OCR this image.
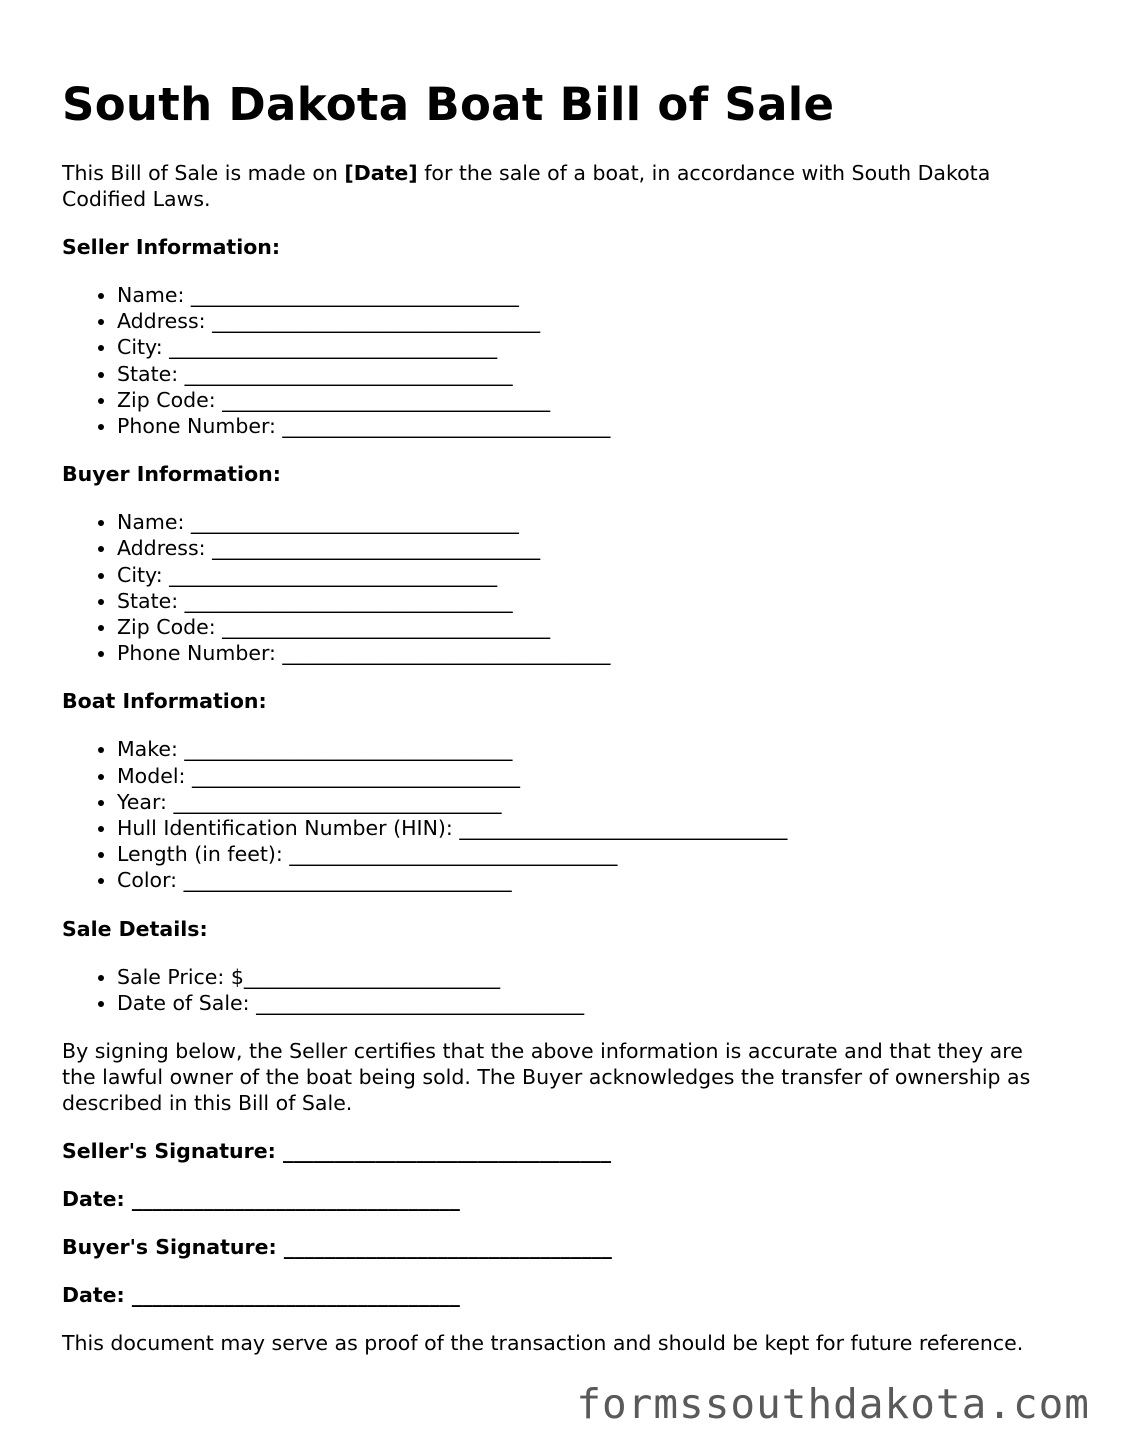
South Dakota Boat Bill of Sale

This Bill of Sale is made on [Date] for the sale of a boat, in accordance with South Dakota Codified Laws.

Seller Information:

• Name: ________________________________
• Address: ________________________________
• City: ________________________________
• State: ________________________________
• Zip Code: ________________________________
• Phone Number: ________________________________

Buyer Information:

• Name: ________________________________
• Address: ________________________________
• City: ________________________________
• State: ________________________________
• Zip Code: ________________________________
• Phone Number: ________________________________

Boat Information:

• Make: ________________________________
• Model: ________________________________
• Year: ________________________________
• Hull Identification Number (HIN): ________________________________
• Length (in feet): ________________________________
• Color: ________________________________

Sale Details:

• Sale Price: $_________________________
• Date of Sale: ________________________________

By signing below, the Seller certifies that the above information is accurate and that they are the lawful owner of the boat being sold. The Buyer acknowledges the transfer of ownership as described in this Bill of Sale.

Seller's Signature: ________________________________

Date: ________________________________

Buyer's Signature: ________________________________

Date: ________________________________

This document may serve as proof of the transaction and should be kept for future reference.

formssouthdakota.com
